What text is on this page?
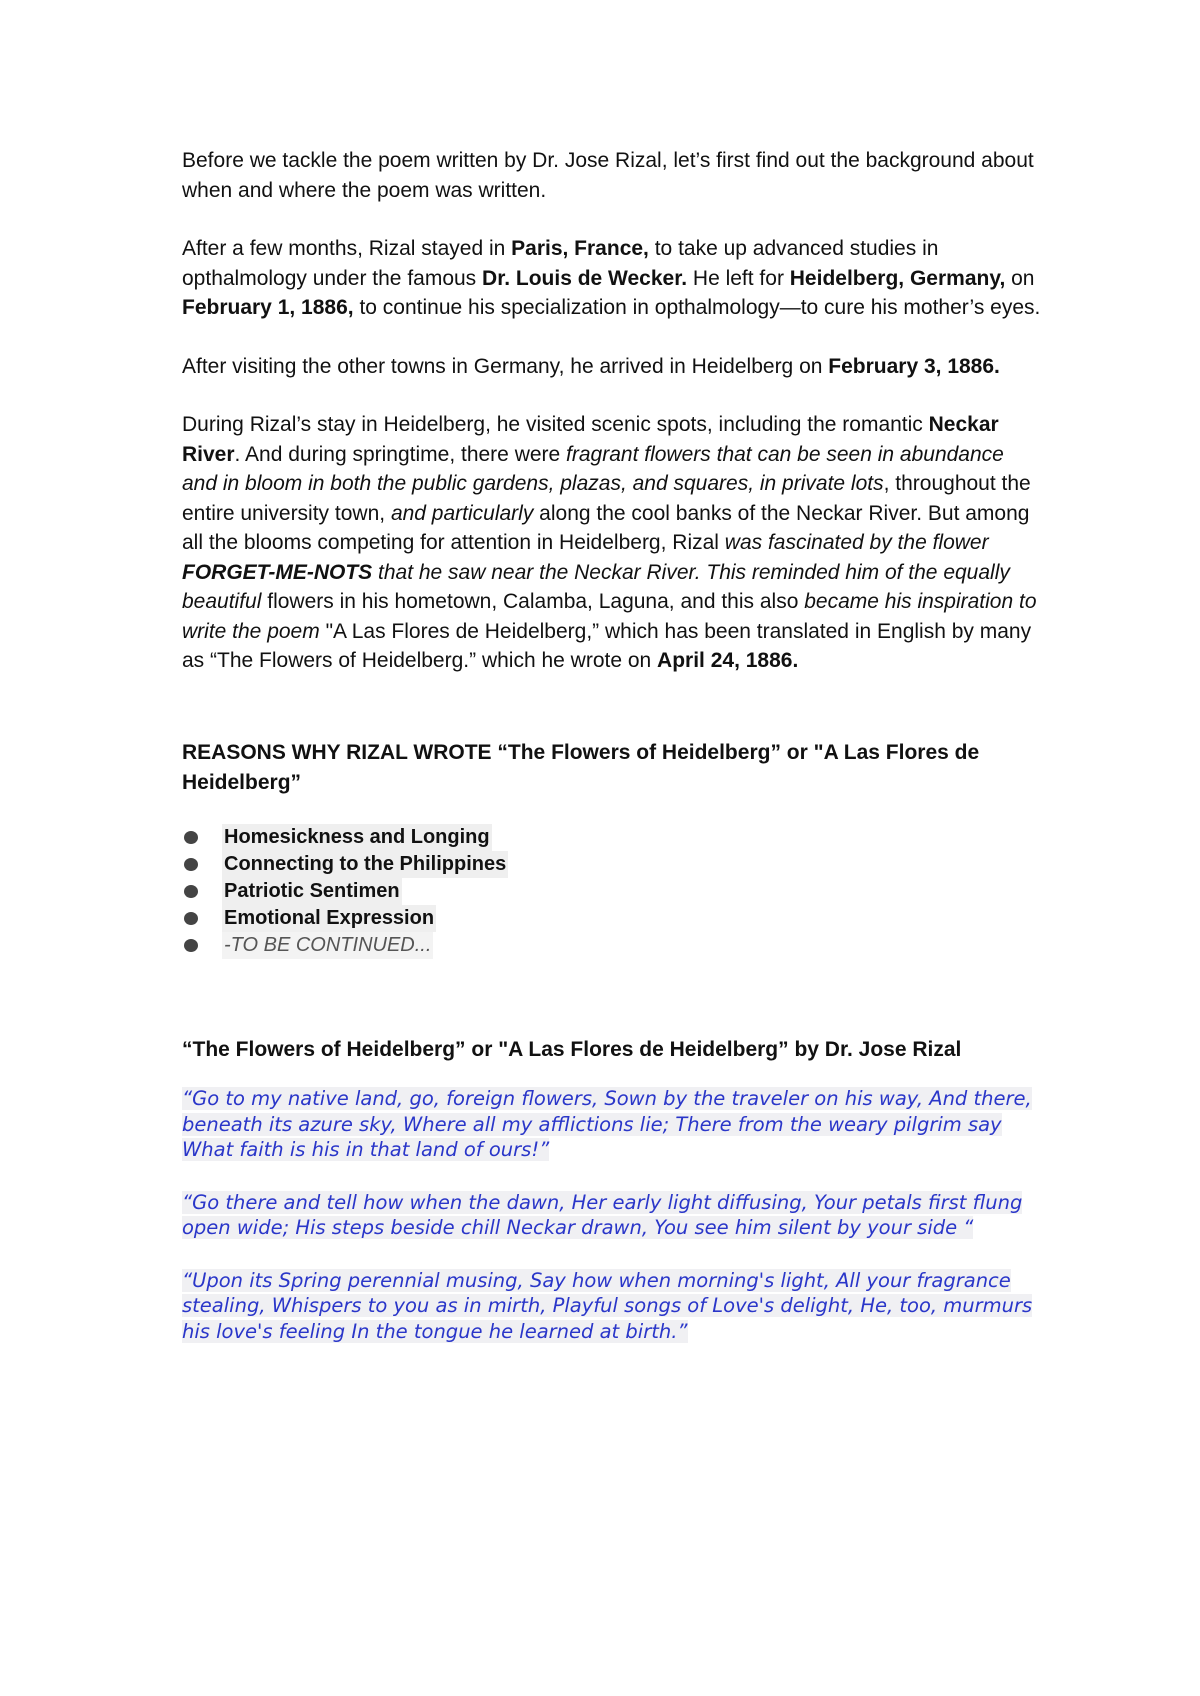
Before we tackle the poem written by Dr. Jose Rizal, let’s first find out the background about when and where the poem was written.

After a few months, Rizal stayed in Paris, France, to take up advanced studies in opthalmology under the famous Dr. Louis de Wecker. He left for Heidelberg, Germany, on February 1, 1886, to continue his specialization in opthalmology—to cure his mother’s eyes.

After visiting the other towns in Germany, he arrived in Heidelberg on February 3, 1886.

During Rizal’s stay in Heidelberg, he visited scenic spots, including the romantic Neckar River. And during springtime, there were fragrant flowers that can be seen in abundance and in bloom in both the public gardens, plazas, and squares, in private lots, throughout the entire university town, and particularly along the cool banks of the Neckar River. But among all the blooms competing for attention in Heidelberg, Rizal was fascinated by the flower FORGET-ME-NOTS that he saw near the Neckar River. This reminded him of the equally beautiful flowers in his hometown, Calamba, Laguna, and this also became his inspiration to write the poem "A Las Flores de Heidelberg,” which has been translated in English by many as “The Flowers of Heidelberg.” which he wrote on April 24, 1886.

REASONS WHY RIZAL WROTE “The Flowers of Heidelberg” or "A Las Flores de Heidelberg”

Homesickness and Longing
Connecting to the Philippines
Patriotic Sentimen
Emotional Expression
-TO BE CONTINUED...

“The Flowers of Heidelberg” or "A Las Flores de Heidelberg” by Dr. Jose Rizal

“Go to my native land, go, foreign flowers, Sown by the traveler on his way, And there, beneath its azure sky, Where all my afflictions lie; There from the weary pilgrim say What faith is his in that land of ours!”

“Go there and tell how when the dawn, Her early light diffusing, Your petals first flung open wide; His steps beside chill Neckar drawn, You see him silent by your side “

“Upon its Spring perennial musing, Say how when morning's light, All your fragrance stealing, Whispers to you as in mirth, Playful songs of Love's delight, He, too, murmurs his love's feeling In the tongue he learned at birth.”
